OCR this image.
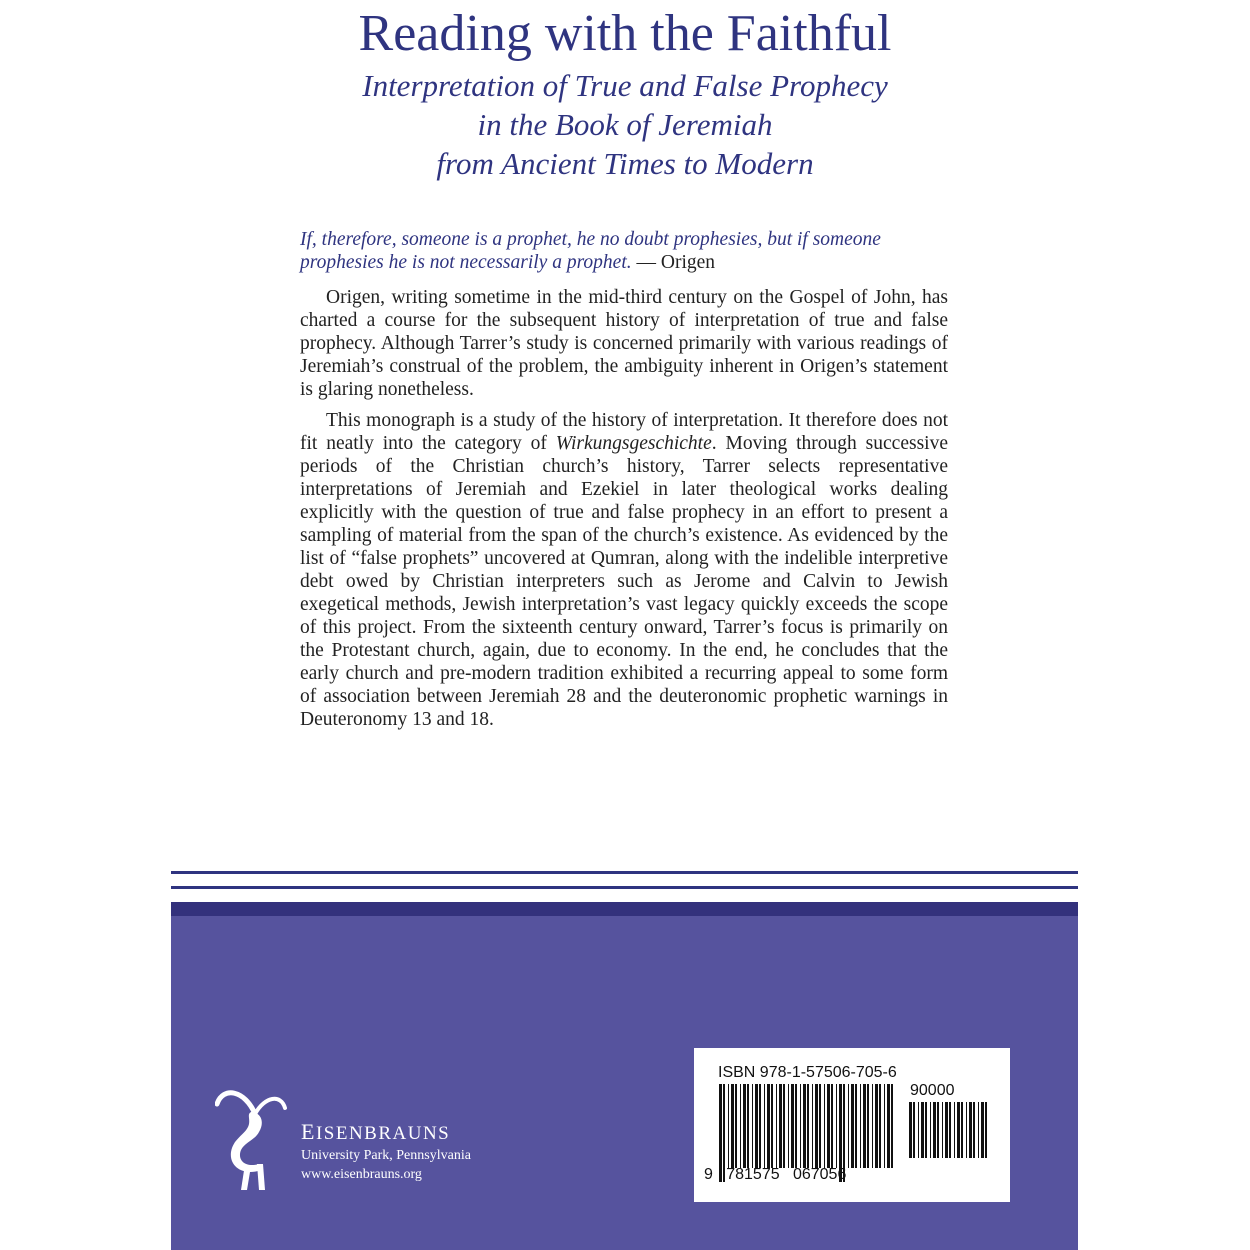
Reading with the Faithful
Interpretation of True and False Prophecy
in the Book of Jeremiah
from Ancient Times to Modern

If, therefore, someone is a prophet, he no doubt prophesies, but if someone prophesies he is not necessarily a prophet. — Origen

Origen, writing sometime in the mid-third century on the Gospel of John, has charted a course for the subsequent history of interpretation of true and false prophecy. Although Tarrer’s study is concerned primarily with various readings of Jeremiah’s construal of the problem, the ambiguity inherent in Origen’s statement is glaring nonetheless.

This monograph is a study of the history of interpretation. It therefore does not fit neatly into the category of Wirkungsgeschichte. Moving through successive periods of the Christian church’s history, Tarrer selects representative interpretations of Jeremiah and Ezekiel in later theological works dealing explicitly with the question of true and false prophecy in an effort to present a sampling of material from the span of the church’s existence. As evidenced by the list of “false prophets” uncovered at Qumran, along with the indelible interpretive debt owed by Christian interpreters such as Jerome and Calvin to Jewish exegetical methods, Jewish interpretation’s vast legacy quickly exceeds the scope of this project. From the sixteenth century onward, Tarrer’s focus is primarily on the Protestant church, again, due to economy. In the end, he concludes that the early church and pre-modern tradition exhibited a recurring appeal to some form of association between Jeremiah 28 and the deuteronomic prophetic warnings in Deuteronomy 13 and 18.

EISENBRAUNS
University Park, Pennsylvania
www.eisenbrauns.org
ISBN 978-1-57506-705-6
90000
9   781575   067056
